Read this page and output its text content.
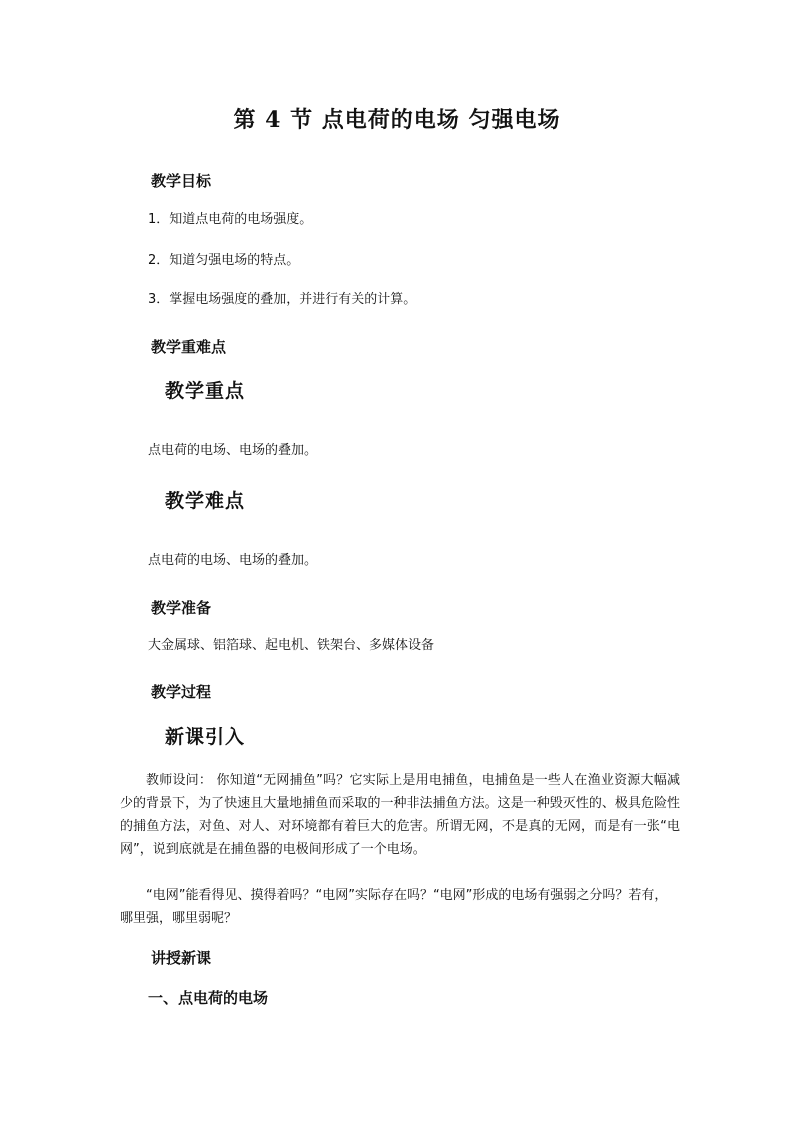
第 4 节 点电荷的电场 匀强电场
教学目标

1．知道点电荷的电场强度。

2．知道匀强电场的特点。

3．掌握电场强度的叠加，并进行有关的计算。

教学重难点
教学重点

点电荷的电场、电场的叠加。

教学难点

点电荷的电场、电场的叠加。

教学准备

大金属球、铝箔球、起电机、铁架台、多媒体设备

教学过程
新课引入

教师设问： 你知道“无网捕鱼”吗？它实际上是用电捕鱼，电捕鱼是一些人在渔业资源大幅减少的背景下，为了快速且大量地捕鱼而采取的一种非法捕鱼方法。这是一种毁灭性的、极具危险性的捕鱼方法，对鱼、对人、对环境都有着巨大的危害。所谓无网，不是真的无网，而是有一张“电网”，说到底就是在捕鱼器的电极间形成了一个电场。

“电网”能看得见、摸得着吗？“电网”实际存在吗？“电网”形成的电场有强弱之分吗？若有，哪里强，哪里弱呢？

讲授新课
一、点电荷的电场
